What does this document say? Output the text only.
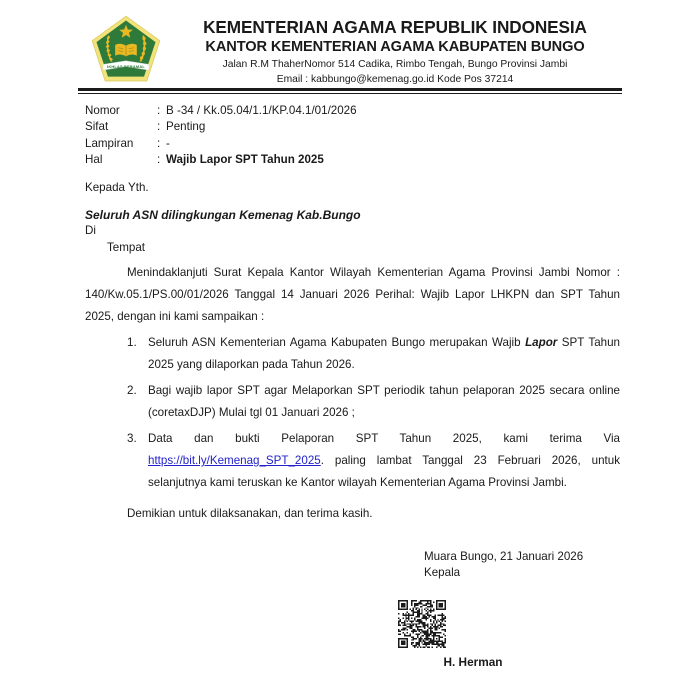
IKHLAS BERAMAL
KEMENTERIAN AGAMA REPUBLIK INDONESIA
KANTOR KEMENTERIAN AGAMA KABUPATEN BUNGO
Jalan R.M ThaherNomor 514 Cadika, Rimbo Tengah, Bungo Provinsi Jambi
Email : kabbungo@kemenag.go.id Kode Pos 37214
Nomor	: B -34 / Kk.05.04/1.1/KP.04.1/01/2026
Sifat	: Penting
Lampiran	: -
Hal	: Wajib Lapor SPT Tahun 2025
Kepada Yth.
Seluruh ASN dilingkungan Kemenag Kab.Bungo
Di
Tempat
Menindaklanjuti Surat Kepala Kantor Wilayah Kementerian Agama Provinsi Jambi Nomor : 140/Kw.05.1/PS.00/01/2026 Tanggal 14 Januari 2026 Perihal: Wajib Lapor LHKPN dan SPT Tahun 2025, dengan ini kami sampaikan :
1. Seluruh ASN Kementerian Agama Kabupaten Bungo merupakan Wajib Lapor SPT Tahun 2025 yang dilaporkan pada Tahun 2026.
2. Bagi wajib lapor SPT agar Melaporkan SPT periodik tahun pelaporan 2025 secara online (coretaxDJP) Mulai tgl 01 Januari 2026 ;
3. Data dan bukti Pelaporan SPT Tahun 2025, kami terima Via https://bit.ly/Kemenag_SPT_2025. paling lambat Tanggal 23 Februari 2026, untuk selanjutnya kami teruskan ke Kantor wilayah Kementerian Agama Provinsi Jambi.
Demikian untuk dilaksanakan, dan terima kasih.
Muara Bungo, 21 Januari 2026
Kepala
H. Herman
